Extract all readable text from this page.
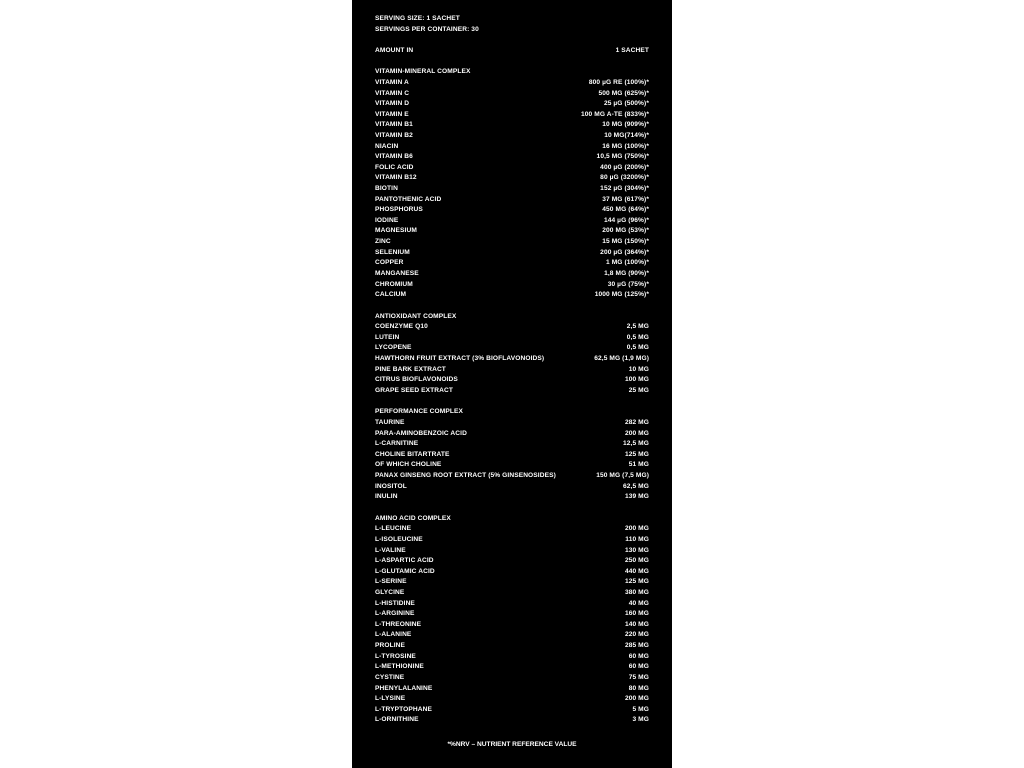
SERVING SIZE: 1 SACHET
SERVINGS PER CONTAINER: 30
AMOUNT IN	1 SACHET
VITAMIN-MINERAL COMPLEX
VITAMIN A	800 µG RE (100%)*
VITAMIN C	500 MG (625%)*
VITAMIN D	25 µG (500%)*
VITAMIN E	100 MG A-TE (833%)*
VITAMIN B1	10 MG (909%)*
VITAMIN B2	10 MG(714%)*
NIACIN	16 MG (100%)*
VITAMIN B6	10,5 MG (750%)*
FOLIC ACID	400 µG (200%)*
VITAMIN B12	80 µG (3200%)*
BIOTIN	152 µG (304%)*
PANTOTHENIC ACID	37 MG (617%)*
PHOSPHORUS	450 MG (64%)*
IODINE	144 µG (96%)*
MAGNESIUM	200 MG (53%)*
ZINC	15 MG (150%)*
SELENIUM	200 µG (364%)*
COPPER	1 MG (100%)*
MANGANESE	1,8 MG (90%)*
CHROMIUM	30 µG (75%)*
CALCIUM	1000 MG (125%)*
ANTIOXIDANT COMPLEX
COENZYME Q10	2,5 MG
LUTEIN	0,5 MG
LYCOPENE	0,5 MG
HAWTHORN FRUIT EXTRACT (3% BIOFLAVONOIDS)	62,5 MG (1,9 MG)
PINE BARK EXTRACT	10 MG
CITRUS BIOFLAVONOIDS	100 MG
GRAPE SEED EXTRACT	25 MG
PERFORMANCE COMPLEX
TAURINE	282 MG
PARA-AMINOBENZOIC ACID	200 MG
L-CARNITINE	12,5 MG
CHOLINE BITARTRATE	125 MG
OF WHICH CHOLINE	51 MG
PANAX GINSENG ROOT EXTRACT (5% GINSENOSIDES)	150 MG (7,5 MG)
INOSITOL	62,5 MG
INULIN	139 MG
AMINO ACID COMPLEX
L-LEUCINE	200 MG
L-ISOLEUCINE	110 MG
L-VALINE	130 MG
L-ASPARTIC ACID	250 MG
L-GLUTAMIC ACID	440 MG
L-SERINE	125 MG
GLYCINE	380 MG
L-HISTIDINE	40 MG
L-ARGININE	160 MG
L-THREONINE	140 MG
L-ALANINE	220 MG
PROLINE	285 MG
L-TYROSINE	60 MG
L-METHIONINE	60 MG
CYSTINE	75 MG
PHENYLALANINE	80 MG
L-LYSINE	200 MG
L-TRYPTOPHANE	5 MG
L-ORNITHINE	3 MG
*%NRV – NUTRIENT REFERENCE VALUE
